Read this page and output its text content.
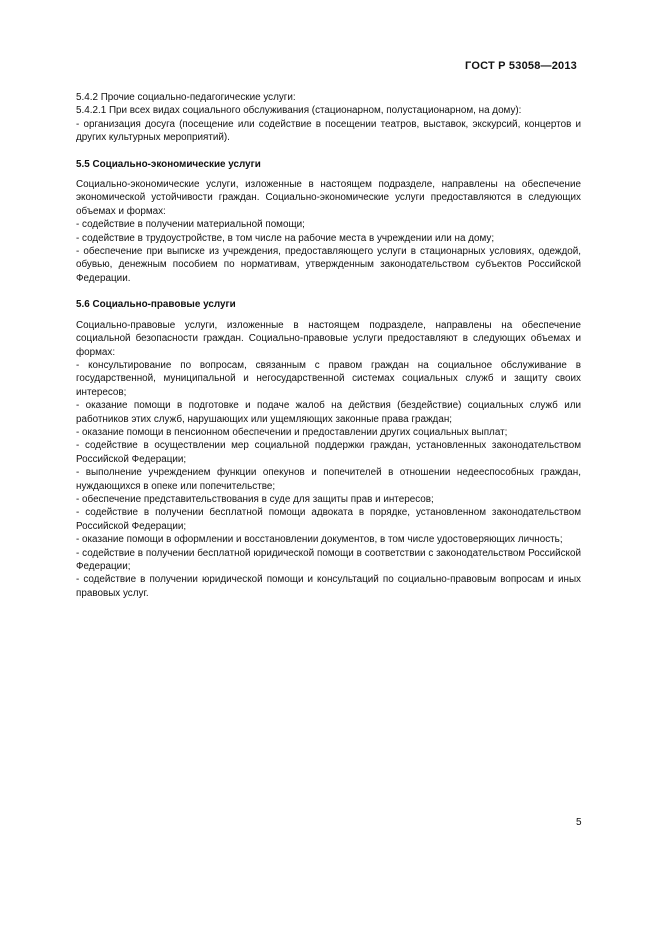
ГОСТ Р 53058—2013

5.4.2 Прочие социально-педагогические услуги:

5.4.2.1 При всех видах социального обслуживания (стационарном, полустационарном, на дому):

- организация досуга (посещение или содействие в посещении театров, выставок, экскурсий, концертов и других культурных мероприятий).

5.5 Социально-экономические услуги

Социально-экономические услуги, изложенные в настоящем подразделе, направлены на обеспечение экономической устойчивости граждан. Социально-экономические услуги предоставляются в следующих объемах и формах:

- содействие в получении материальной помощи;

- содействие в трудоустройстве, в том числе на рабочие места в учреждении или на дому;

- обеспечение при выписке из учреждения, предоставляющего услуги в стационарных условиях, одеждой, обувью, денежным пособием по нормативам, утвержденным законодательством субъектов Российской Федерации.

5.6 Социально-правовые услуги

Социально-правовые услуги, изложенные в настоящем подразделе, направлены на обеспечение социальной безопасности граждан. Социально-правовые услуги предоставляют в следующих объемах и формах:

- консультирование по вопросам, связанным с правом граждан на социальное обслуживание в государственной, муниципальной и негосударственной системах социальных служб и защиту своих интересов;

- оказание помощи в подготовке и подаче жалоб на действия (бездействие) социальных служб или работников этих служб, нарушающих или ущемляющих законные права граждан;

- оказание помощи в пенсионном обеспечении и предоставлении других социальных выплат;

- содействие в осуществлении мер социальной поддержки граждан, установленных законодательством Российской Федерации;

- выполнение учреждением функции опекунов и попечителей в отношении недееспособных граждан, нуждающихся в опеке или попечительстве;

- обеспечение представительствования в суде для защиты прав и интересов;

- содействие в получении бесплатной помощи адвоката в порядке, установленном законодательством Российской Федерации;

- оказание помощи в оформлении и восстановлении документов, в том числе удостоверяющих личность;

- содействие в получении бесплатной юридической помощи в соответствии с законодательством Российской Федерации;

- содействие в получении юридической помощи и консультаций по социально-правовым вопросам и иных правовых услуг.

5
